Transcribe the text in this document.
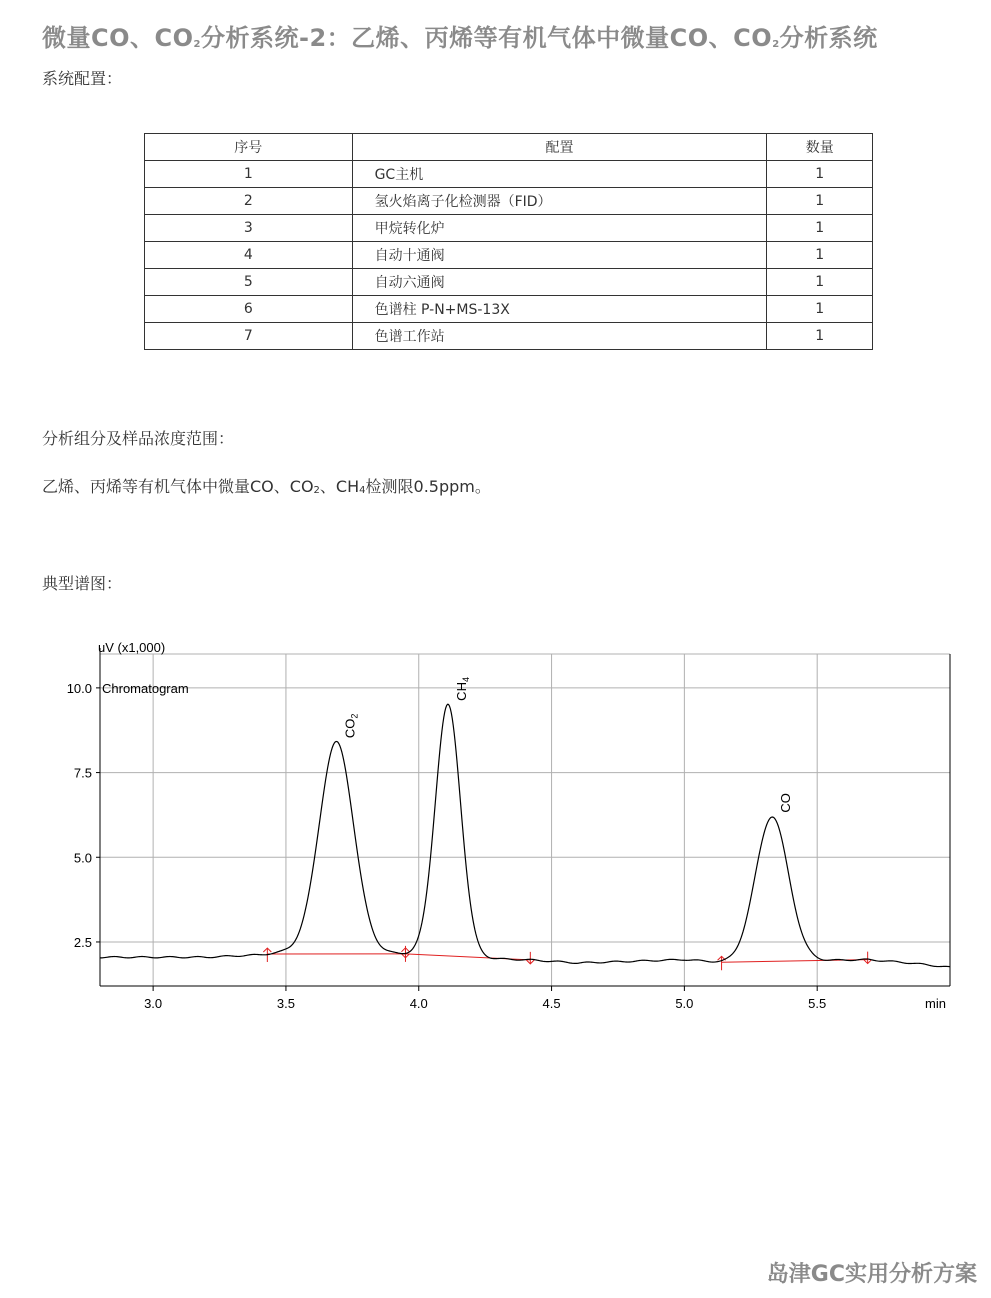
微量CO、$CO_2$分析系统-2：乙烯、丙烯等有机气体中微量CO、$CO_2$分析系统
系统配置：
序号	配置	数量
1	GC主机	1
2	氢火焰离子化检测器（FID）	1
3	甲烷转化炉	1
4	自动十通阀	1
5	自动六通阀	1
6	色谱柱 P-N+MS-13X	1
7	色谱工作站	1
分析组分及样品浓度范围：
乙烯、丙烯等有机气体中微量CO、$CO_2$、$CH_4$检测限0.5ppm。
典型谱图：
3.0	3.5	4.0	4.5	5.0	5.5
2.5
5.0
7.5
10.0
uV (x1,000)
min
Chromatogram
$CO_2$
$CH_4$
CO
岛津GC实用分析方案
